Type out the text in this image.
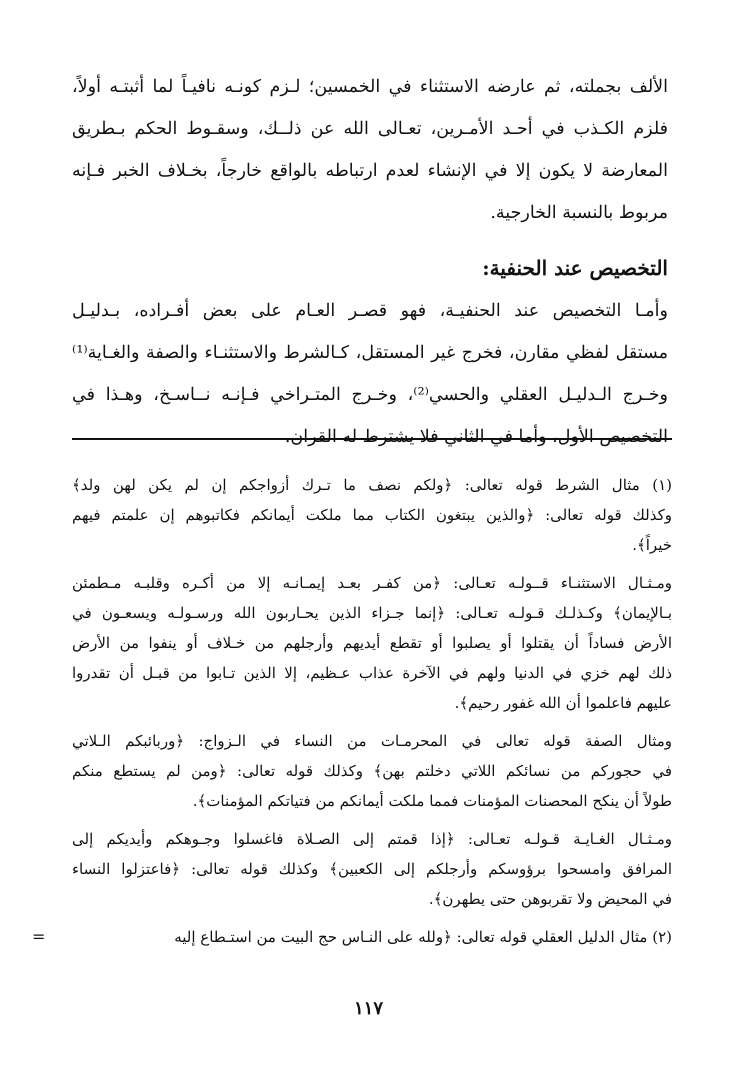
الألف بجملته، ثم عارضه الاستثناء في الخمسين؛ لـزم كونـه نافيـاً لما أثبتـه أولاً،
فلزم الكـذب في أحـد الأمـرين، تعـالى الله عن ذلــك، وسقـوط الحكم بـطريق
المعارضة لا يكون إلا في الإنشاء لعدم ارتباطه بالواقع خارجاً، بخـلاف الخبر فـإنه
مربوط بالنسبة الخارجية.
التخصيص عند الحنفية:
وأمـا التخصيص عند الحنفيـة، فهو قصـر العـام على بعض أفـراده، بـدليـل
مستقل لفظي مقارن، فخرج غير المستقل، كـالشرط والاستثنـاء والصفة والغـاية⁽¹⁾
وخـرج الـدليـل العقلي والحسي⁽²⁾، وخـرج المتـراخي فـإنـه نــاسـخ، وهـذا في
التخصيص الأول، وأما في الثاني فلا يشترط له القران.
(١) مثال الشرط قوله تعالى: ﴿ولكم نصف ما تـرك أزواجكم إن لم يكن لهن ولد﴾
وكذلك قوله تعالى: ﴿والذين يبتغون الكتاب مما ملكت أيمانكم فكاتبوهم إن علمتم فيهم
خيراً﴾.
ومـثـال الاستثنـاء قــولـه تعـالى: ﴿من كفـر بعـد إيمـانـه إلا من أكـره وقلبـه مـطمئن
بـالإيمان﴾ وكـذلـك قـولـه تعـالى: ﴿إنما جـزاء الذين يحـاربون الله ورسـولـه ويسعـون في
الأرض فساداً أن يقتلوا أو يصلبوا أو تقطع أيديهم وأرجلهم من خـلاف أو ينفوا من الأرض
ذلك لهم خزي في الدنيا ولهم في الآخرة عذاب عـظيم، إلا الذين تـابوا من قبـل أن تقدروا
عليهم فاعلموا أن الله غفور رحيم﴾.
ومثال الصفة قوله تعالى في المحرمـات من النساء في الـزواج: ﴿وربائبكم الـلاتي
في حجوركم من نسائكم اللاتي دخلتم بهن﴾ وكذلك قوله تعالى: ﴿ومن لم يستطع منكم
طولاً أن ينكح المحصنات المؤمنات فمما ملكت أيمانكم من فتياتكم المؤمنات﴾.
ومـثـال الغـايـة قـولـه تعـالى: ﴿إذا قمتم إلى الصـلاة فاغسلوا وجـوهكم وأيديكم إلى
المرافق وامسحوا برؤوسكم وأرجلكم إلى الكعبين﴾ وكذلك قوله تعالى: ﴿فاعتزلوا النساء
في المحيض ولا تقربوهن حتى يطهرن﴾.
(٢) مثال الدليل العقلي قوله تعالى: ﴿ولله على النـاس حج البيت من استـطاع إليه
=
١١٧
